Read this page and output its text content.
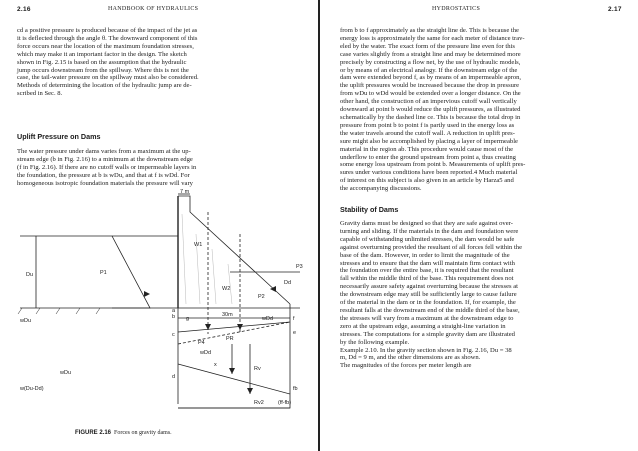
2.16	HANDBOOK OF HYDRAULICS
cd a positive pressure is produced because of the impact of the jet as
it is deflected through the angle θ. The downward component of this
force occurs near the location of the maximum foundation stresses,
which may make it an important factor in the design. The sketch
shown in Fig. 2.15 is based on the assumption that the hydraulic
jump occurs downstream from the spillway. Where this is not the
case, the tail-water pressure on the spillway must also be considered.
Methods of determining the location of the hydraulic jump are de-
scribed in Sec. 8.
Uplift Pressure on Dams
The water pressure under dams varies from a maximum at the up-
stream edge (b in Fig. 2.16) to a minimum at the downstream edge
(f in Fig. 2.16). If there are no cutoff walls or impermeable layers in
the foundation, the pressure at b is wDu, and that at f is wDd. For
homogeneous isotropic foundation materials the pressure will vary
7 m
Du
W1
W2
P1
P2
P3
Dd
a
b
c
d
e
f
g
wDu	wDd
wDu
wDd
w(Du-Dd)
P4
PR
Rv
x
30m
fb
Rv2	(ff-fb)
FIGURE 2.16 Forces on gravity dams.
HYDROSTATICS	2.17
from b to f approximately as the straight line de. This is because the
energy loss is approximately the same for each meter of distance trav-
eled by the water. The exact form of the pressure line even for this
case varies slightly from a straight line and may be determined more
precisely by constructing a flow net, by the use of hydraulic models,
or by means of an electrical analogy. If the downstream edge of the
dam were extended beyond f, as by means of an impermeable apron,
the uplift pressures would be increased because the drop in pressure
from wDu to wDd would be extended over a longer distance. On the
other hand, the construction of an impervious cutoff wall vertically
downward at point b would reduce the uplift pressures, as illustrated
schematically by the dashed line ce. This is because the total drop in
pressure from point b to point f is partly used in the energy loss as
the water travels around the cutoff wall. A reduction in uplift pres-
sure might also be accomplished by placing a layer of impermeable
material in the region ab. This procedure would cause most of the
underflow to enter the ground upstream from point a, thus creating
some energy loss upstream from point b. Measurements of uplift pres-
sures under various conditions have been reported.4 Much material
of interest on this subject is also given in an article by Harza5 and
the accompanying discussions.
Stability of Dams
Gravity dams must be designed so that they are safe against over-
turning and sliding. If the materials in the dam and foundation were
capable of withstanding unlimited stresses, the dam would be safe
against overturning provided the resultant of all forces fell within the
base of the dam. However, in order to limit the magnitude of the
stresses and to ensure that the dam will maintain firm contact with
the foundation over the entire base, it is required that the resultant
fall within the middle third of the base. This requirement does not
necessarily assure safety against overturning because the stresses at
the downstream edge may still be sufficiently large to cause failure
of the material in the dam or in the foundation. If, for example, the
resultant falls at the downstream end of the middle third of the base,
the stresses will vary from a maximum at the downstream edge to
zero at the upstream edge, assuming a straight-line variation in
stresses. The computations for a simple gravity dam are illustrated
by the following example.
Example 2.10. In the gravity section shown in Fig. 2.16, Du = 38
m, Dd = 9 m, and the other dimensions are as shown.
The magnitudes of the forces per meter length are
